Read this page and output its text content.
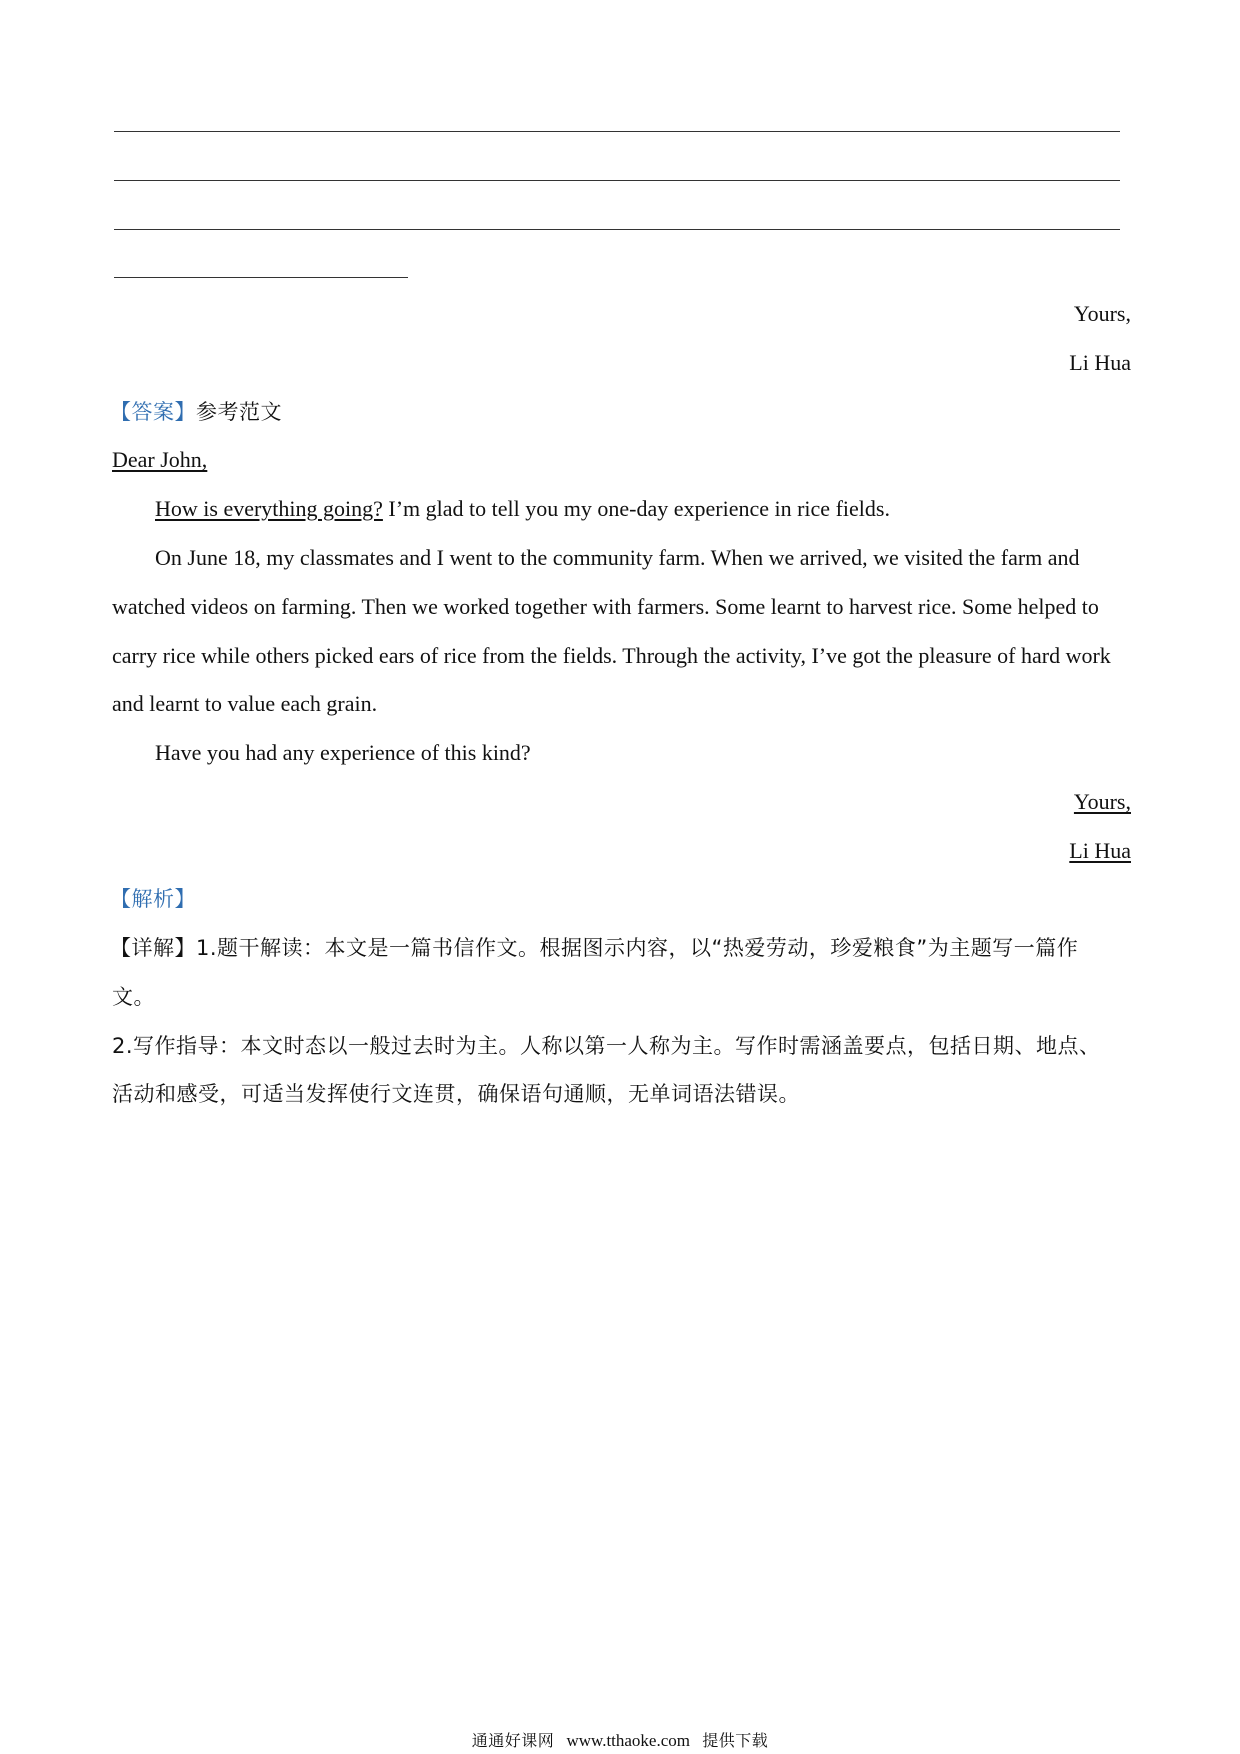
Yours,
Li Hua
【答案】参考范文
Dear John,
How is everything going? I’m glad to tell you my one-day experience in rice fields.
On June 18, my classmates and I went to the community farm. When we arrived, we visited the farm and
watched videos on farming. Then we worked together with farmers. Some learnt to harvest rice. Some helped to
carry rice while others picked ears of rice from the fields. Through the activity, I’ve got the pleasure of hard work
and learnt to value each grain.
Have you had any experience of this kind?
Yours,
Li Hua
【解析】
【详解】1.题干解读：本文是一篇书信作文。根据图示内容，以“热爱劳动，珍爱粮食”为主题写一篇作
文。
2.写作指导：本文时态以一般过去时为主。人称以第一人称为主。写作时需涵盖要点，包括日期、地点、
活动和感受，可适当发挥使行文连贯，确保语句通顺，无单词语法错误。
通通好课网 www.tthaoke.com 提供下载
